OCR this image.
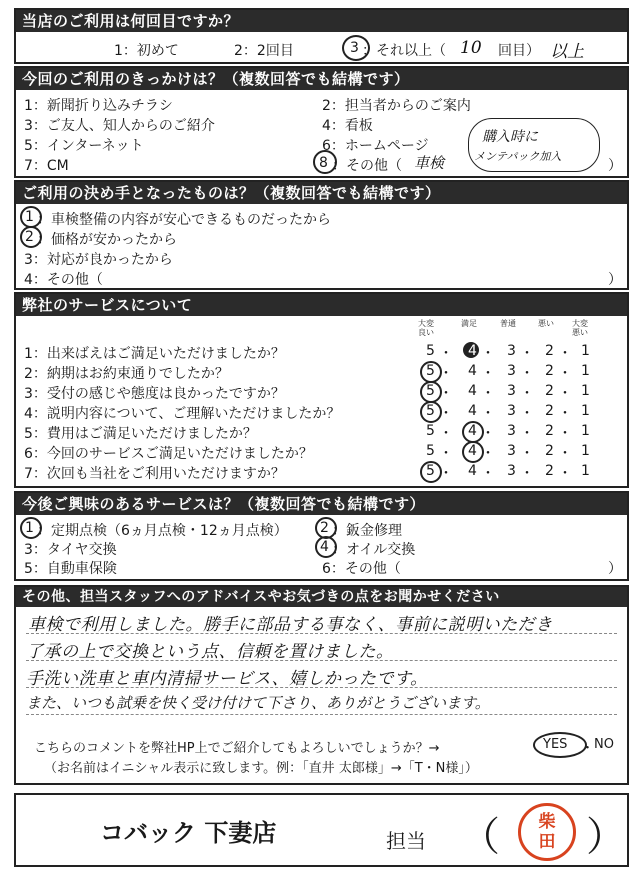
当店のご利用は何回目ですか？
1：初めて	2：2回目	3 ：それ以上（ 10 回目） 以上
今回のご利用のきっかけは？（複数回答でも結構です）
1：新聞折り込みチラシ	2：担当者からのご案内
3：ご友人、知人からのご紹介	4：看板
5：インターネット	6：ホームページ
7：CM	8 ：その他（ 車検
購入時に
メンテパック加入
）
ご利用の決め手となったものは？（複数回答でも結構です）
1 ：車検整備の内容が安心できるものだったから
2 ：価格が安かったから
3：対応が良かったから
4：その他（	）
弊社のサービスについて
大変良い
満足	普通	悪い	大変悪い
1：出来ばえはご満足いただけましたか？	5 ・ 4 ・ 3 ・ 2 ・ 1
2：納期はお約束通りでしたか？	5 ・ 4 ・ 3 ・ 2 ・ 1
3：受付の感じや態度は良かったですか？	5 ・ 4 ・ 3 ・ 2 ・ 1
4：説明内容について、ご理解いただけましたか？	5 ・ 4 ・ 3 ・ 2 ・ 1
5：費用はご満足いただけましたか？	5 ・ 4 ・ 3 ・ 2 ・ 1
6：今回のサービスご満足いただけましたか？	5 ・ 4 ・ 3 ・ 2 ・ 1
7：次回も当社をご利用いただけますか？	5 ・ 4 ・ 3 ・ 2 ・ 1
今後ご興味のあるサービスは？（複数回答でも結構です）
1 ：定期点検（6ヵ月点検・12ヵ月点検） 2 ：鈑金修理
3：タイヤ交換	4 ：オイル交換
5：自動車保険	6：その他（	）
その他、担当スタッフへのアドバイスやお気づきの点をお聞かせください
車検で利用しました。勝手に部品する事なく、事前に説明いただき
了承の上で交換という点、信頼を置けました。
手洗い洗車と車内清掃サービス、嬉しかったです。
また、いつも試乗を快く受け付けて下さり、ありがとうございます。
こちらのコメントを弊社HP上でご紹介してもよろしいでしょうか？→	YES ・ NO
（お名前はイニシャル表示に致します。例：「直井 太郎様」→「T・N様」）
コバック 下妻店	担当 （ 柴田 ）
